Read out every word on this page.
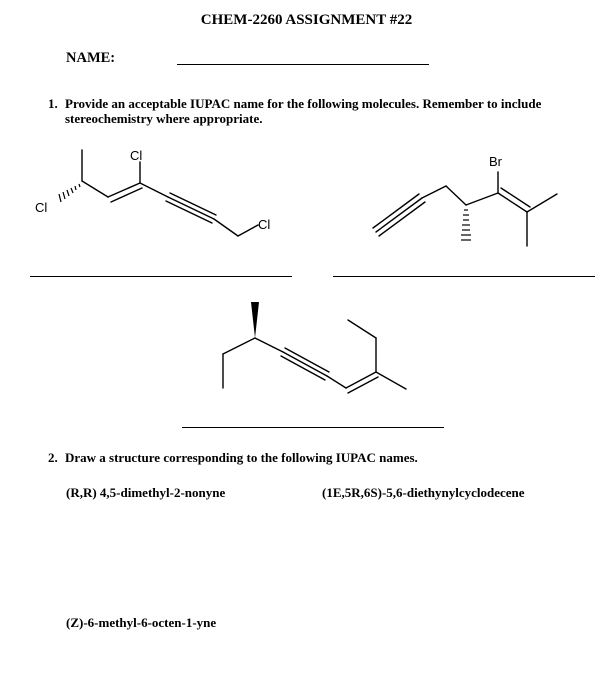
CHEM-2260 ASSIGNMENT #22
NAME:
1. Provide an acceptable IUPAC name for the following molecules. Remember to include stereochemistry where appropriate.
Cl
Cl
Cl
Br
2. Draw a structure corresponding to the following IUPAC names.
(R,R) 4,5-dimethyl-2-nonyne	(1E,5R,6S)-5,6-diethynylcyclodecene
(Z)-6-methyl-6-octen-1-yne
